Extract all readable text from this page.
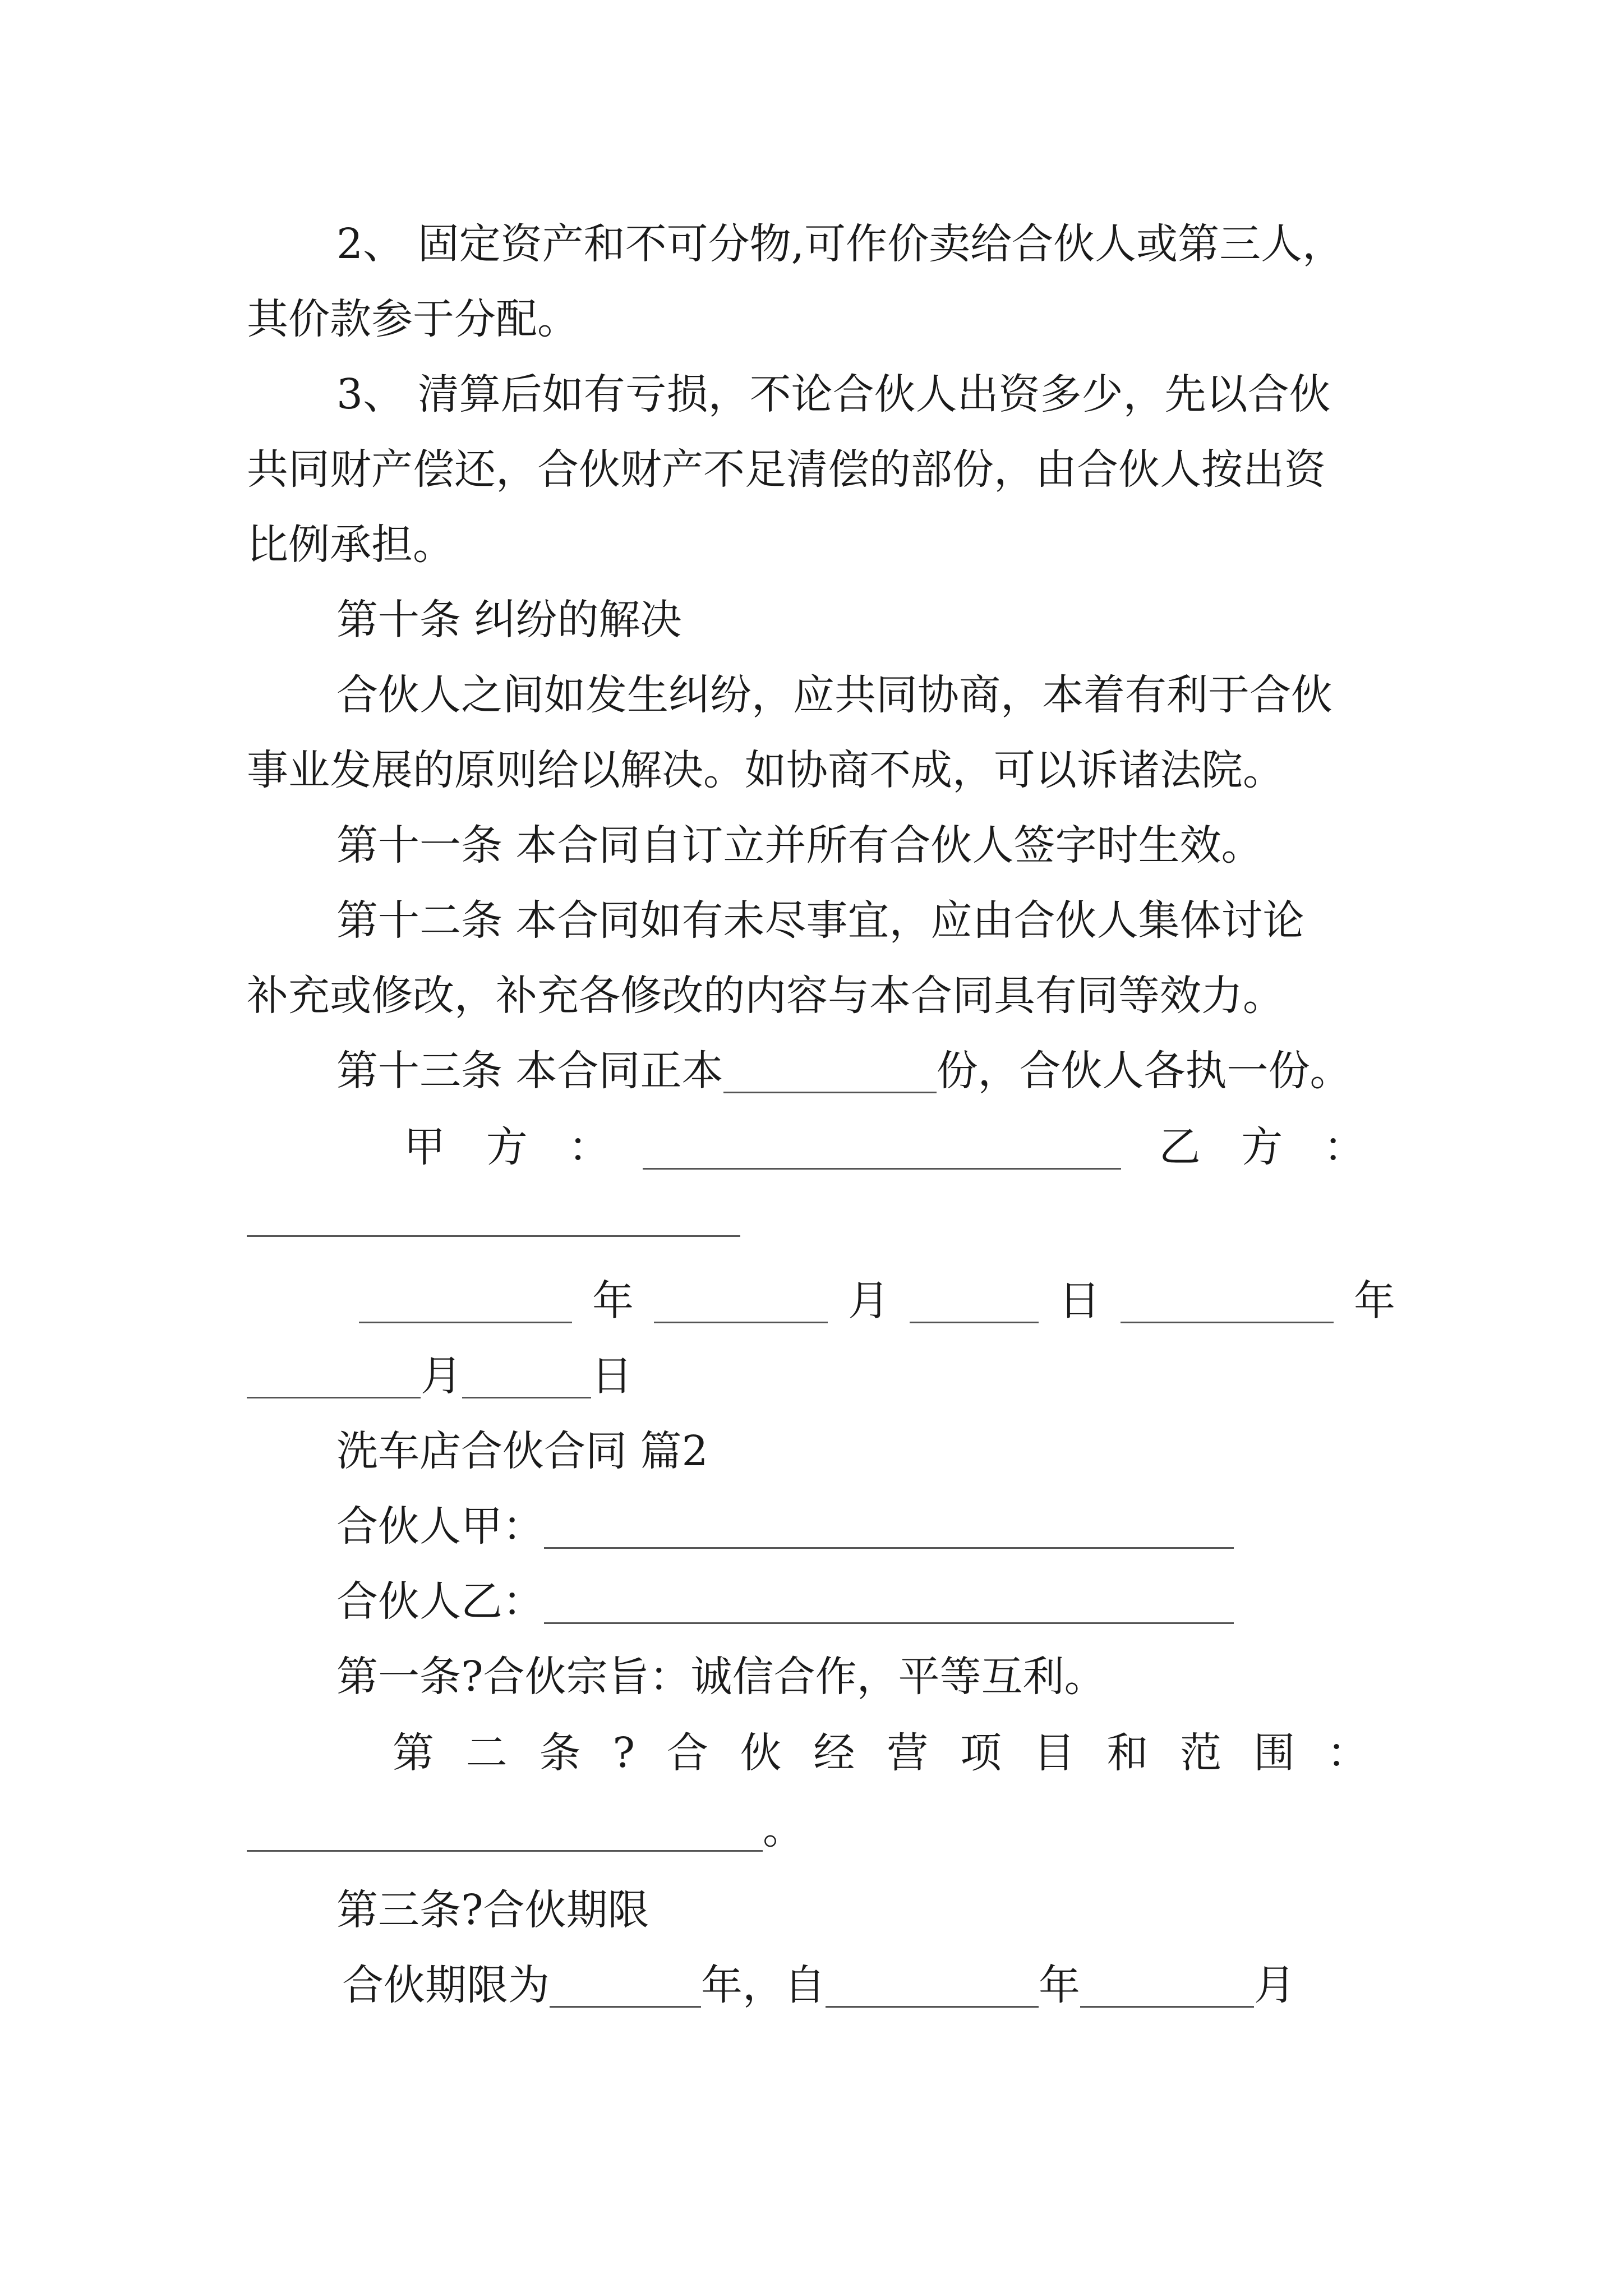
2、 固定资产和不可分物,可作价卖给合伙人或第三人，
其价款参于分配。
3、 清算后如有亏损，不论合伙人出资多少，先以合伙
共同财产偿还，合伙财产不足清偿的部份，由合伙人按出资
比例承担。
第十条 纠纷的解决
合伙人之间如发生纠纷，应共同协商，本着有利于合伙
事业发展的原则给以解决。如协商不成，可以诉诸法院。
第十一条 本合同自订立并所有合伙人签字时生效。
第十二条 本合同如有未尽事宜，应由合伙人集体讨论
补充或修改，补充各修改的内容与本合同具有同等效力。
第十三条 本合同正本	份，合伙人各执一份。
甲 方 ：	乙 方 ：
年	月	日	年
月	日
洗车店合伙合同 篇2
合伙人甲：
合伙人乙：
第一条?合伙宗旨：诚信合作，平等互利。
第 二 条 ? 合 伙 经 营 项 目 和 范 围 ：
。
第三条?合伙期限
合伙期限为	年，自	年	月
